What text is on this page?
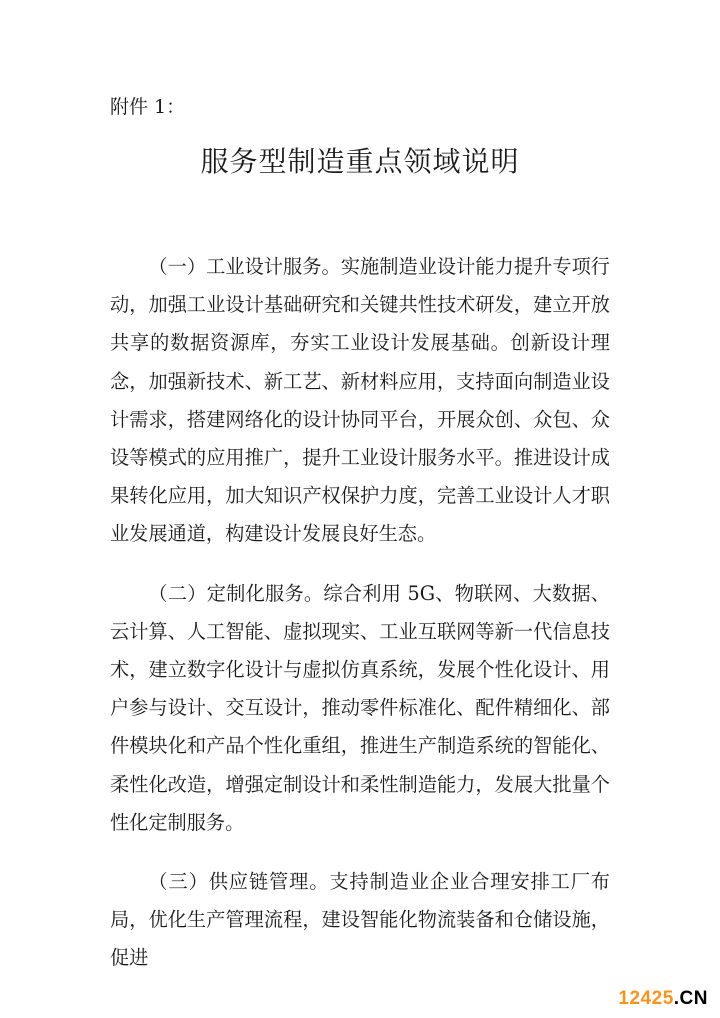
附件 1：

服务型制造重点领域说明

（一）工业设计服务。实施制造业设计能力提升专项行动，加强工业设计基础研究和关键共性技术研发，建立开放共享的数据资源库，夯实工业设计发展基础。创新设计理念，加强新技术、新工艺、新材料应用，支持面向制造业设计需求，搭建网络化的设计协同平台，开展众创、众包、众设等模式的应用推广，提升工业设计服务水平。推进设计成果转化应用，加大知识产权保护力度，完善工业设计人才职业发展通道，构建设计发展良好生态。

（二）定制化服务。综合利用 5G、物联网、大数据、云计算、人工智能、虚拟现实、工业互联网等新一代信息技术，建立数字化设计与虚拟仿真系统，发展个性化设计、用户参与设计、交互设计，推动零件标准化、配件精细化、部件模块化和产品个性化重组，推进生产制造系统的智能化、柔性化改造，增强定制设计和柔性制造能力，发展大批量个性化定制服务。

（三）供应链管理。支持制造业企业合理安排工厂布局，优化生产管理流程，建设智能化物流装备和仓储设施，促进

12425.CN
